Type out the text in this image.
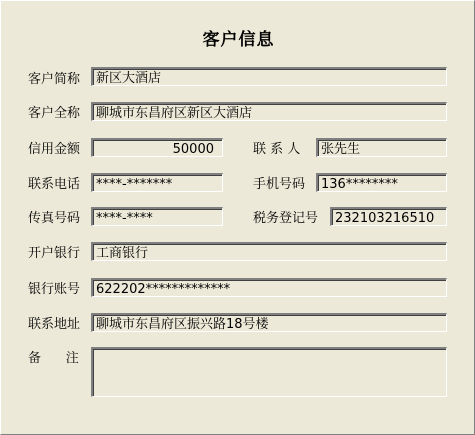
客户信息
客户简称	新区大酒店
客户全称	聊城市东昌府区新区大酒店
信用金额	50000	联 系 人	张先生
联系电话	****-*******	手机号码	136********
传真号码	****-****	税务登记号	232103216510
开户银行	工商银行
银行账号	622202*************
联系地址	聊城市东昌府区振兴路18号楼
备      注
